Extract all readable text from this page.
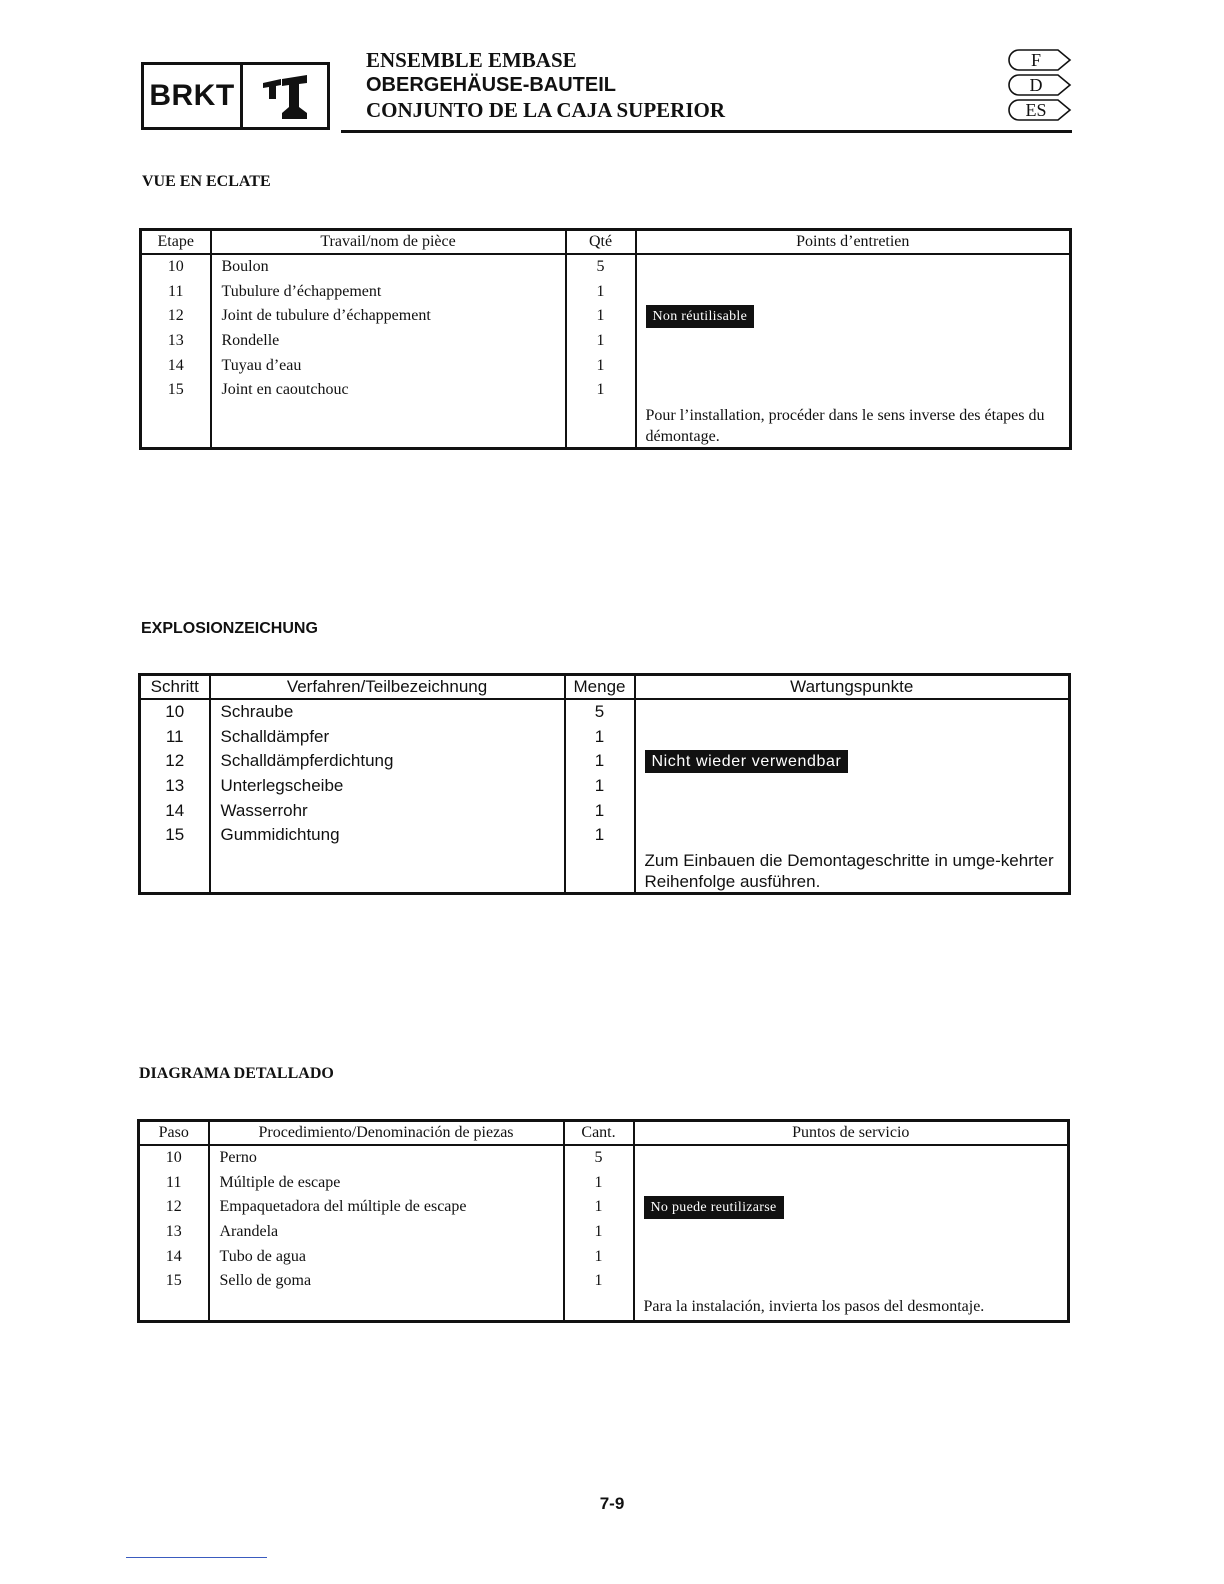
BRKT
ENSEMBLE EMBASE
OBERGEHÄUSE-BAUTEIL
CONJUNTO DE LA CAJA SUPERIOR
F
D
ES
VUE EN ECLATE
Etape	Travail/nom de pièce	Qté	Points d’entretien
10	Boulon	5	
11	Tubulure d’échappement	1	
12	Joint de tubulure d’échappement	1	Non réutilisable
13	Rondelle	1	
14	Tuyau d’eau	1	
15	Joint en caoutchouc	1	
			Pour l’installation, procéder dans le sens inverse des étapes du démontage.
EXPLOSIONZEICHUNG
Schritt	Verfahren/Teilbezeichnung	Menge	Wartungspunkte
10	Schraube	5	
11	Schalldämpfer	1	
12	Schalldämpferdichtung	1	Nicht wieder verwendbar
13	Unterlegscheibe	1	
14	Wasserrohr	1	
15	Gummidichtung	1	
			Zum Einbauen die Demontageschritte in umge-kehrter Reihenfolge ausführen.
DIAGRAMA DETALLADO
Paso	Procedimiento/Denominación de piezas	Cant.	Puntos de servicio
10	Perno	5	
11	Múltiple de escape	1	
12	Empaquetadora del múltiple de escape	1	No puede reutilizarse
13	Arandela	1	
14	Tubo de agua	1	
15	Sello de goma	1	
			Para la instalación, invierta los pasos del desmontaje.
7-9
